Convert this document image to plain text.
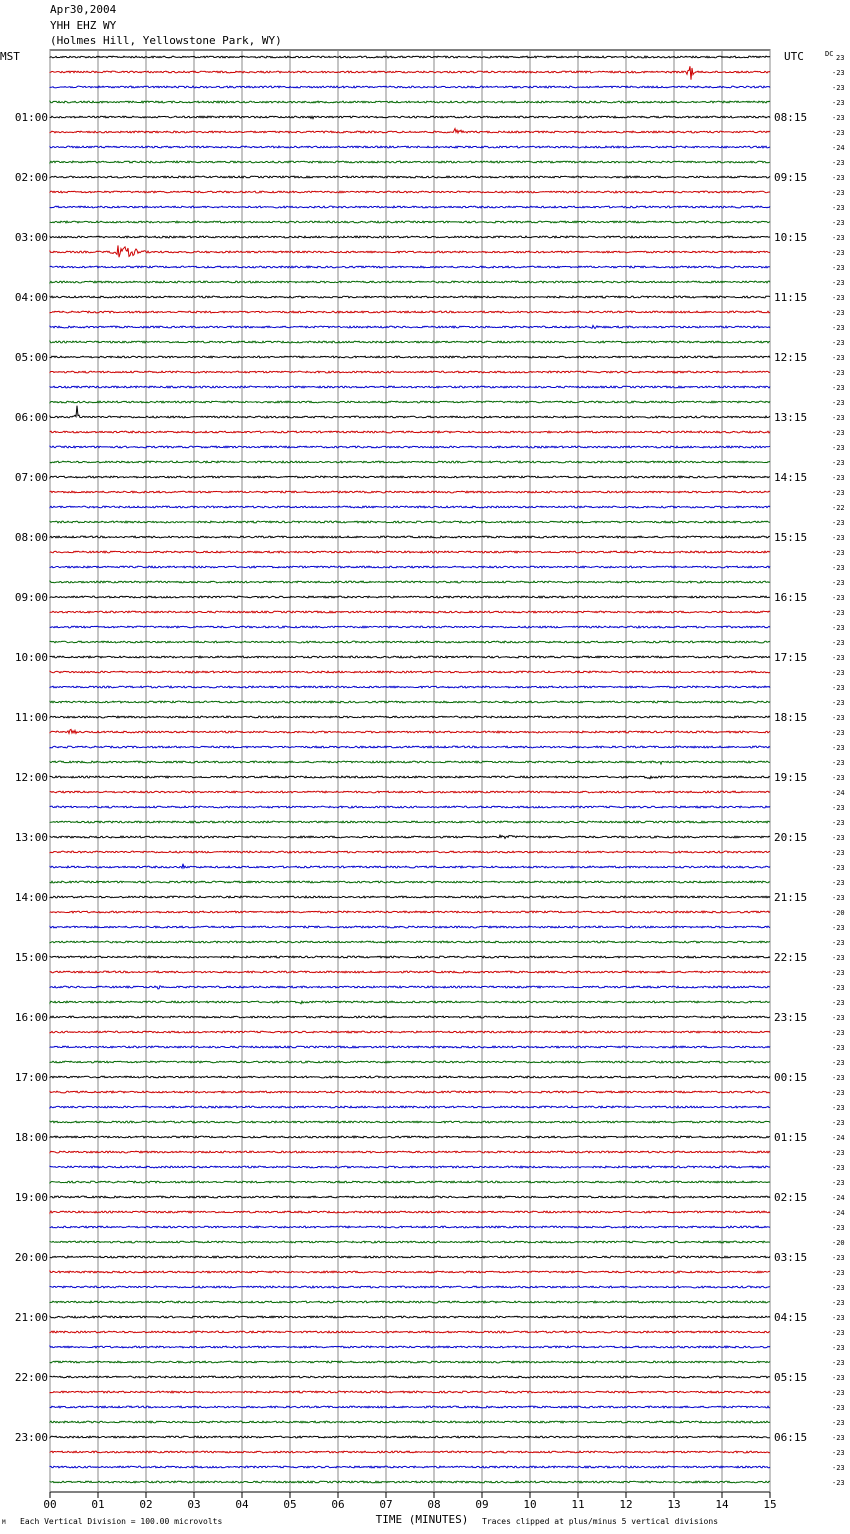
Apr30,2004
YHH EHZ WY
(Holmes Hill, Yellowstone Park, WY)
00	01	02	03	04	05	06	07	08	09	10	11	12	13	14	15
DC 23
-23
-23
-23
-23
-23
-24
-23
-23
-23
-23
-23
-23
-23
-23
-23
-23
-23
-23
-23
-23
-23
-23
-23
-23
-23
-23
-23
-23
-23
-22
-23
-23
-23
-23
-23
-23
-23
-23
-23
-23
-23
-23
-23
-23
-23
-23
-23
-23
-24
-23
-23
-23
-23
-23
-23
-23
-20
-23
-23
-23
-23
-23
-23
-23
-23
-23
-23
-23
-23
-23
-23
-24
-23
-23
-23
-24
-24
-23
-20
-23
-23
-23
-23
-23
-23
-23
-23
-23
-23
-23
-23
-23
-23
-23
-23
MST	UTC
01:00
02:00
03:00
04:00
05:00
06:00
07:00
08:00
09:00
10:00
11:00
12:00
13:00
14:00
15:00
16:00
17:00
18:00
19:00
20:00
21:00
22:00
23:00
08:15
09:15
10:15
11:15
12:15
13:15
14:15
15:15
16:15
17:15
18:15
19:15
20:15
21:15
22:15
23:15
00:15
01:15
02:15
03:15
04:15
05:15
06:15
M Each Vertical Division = 100.00 microvolts	TIME (MINUTES) Traces clipped at plus/minus 5 vertical divisions
